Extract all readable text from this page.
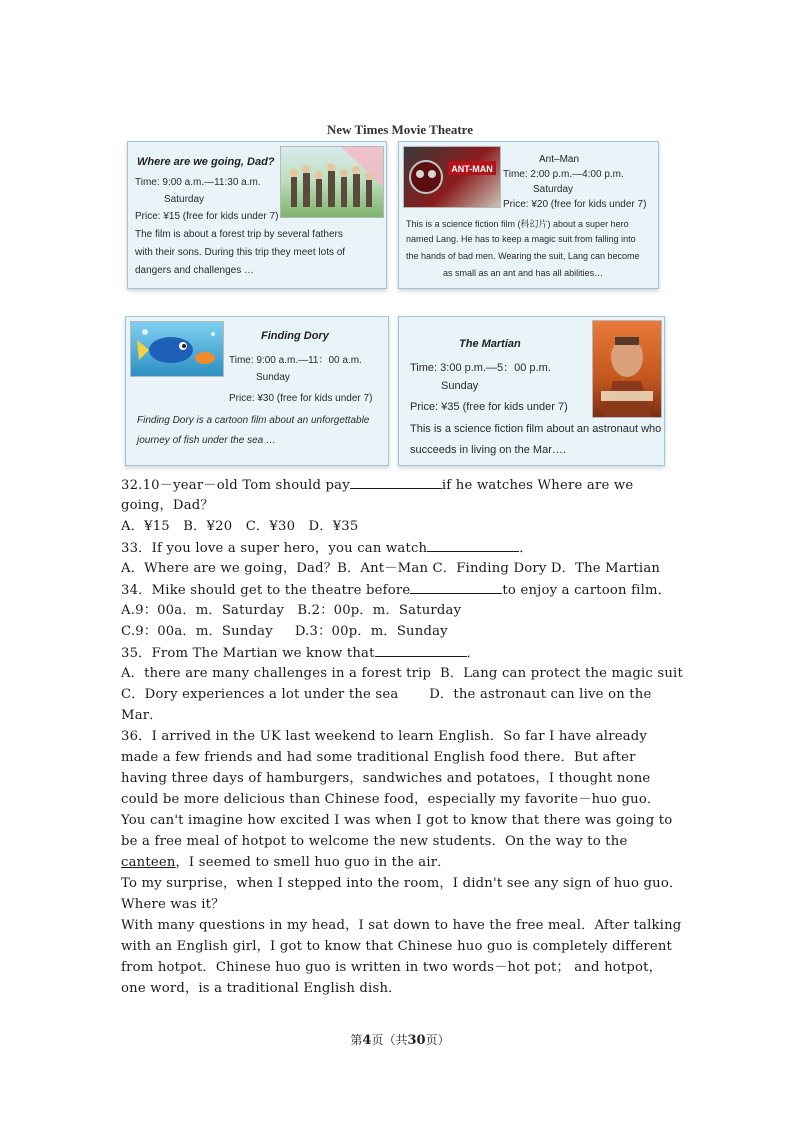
New Times Movie Theatre
Where are we going, Dad?
Time: 9:00 a.m.—11:30 a.m.
Saturday
Price: ¥15 (free for kids under 7)
The film is about a forest trip by several fathers
with their sons. During this trip they meet lots of
dangers and challenges …
Ant–Man
Time: 2:00 p.m.—4:00 p.m.
Saturday
Price: ¥20 (free for kids under 7)
This is a science fiction film (科幻片) about a super hero
named Lang. He has to keep a magic suit from falling into
the hands of bad men. Wearing the suit, Lang can become
as small as an ant and has all abilities…
ANT-MAN
Finding Dory
Time: 9:00 a.m.—11：00 a.m.
Sunday
Price: ¥30 (free for kids under 7)
Finding Dory is a cartoon film about an unforgettable
journey of fish under the sea …
The Martian
Time: 3:00 p.m.—5：00 p.m.
Sunday
Price: ¥35 (free for kids under 7)
This is a science fiction film about an astronaut who
succeeds in living on the Mar….
32.10－year－old Tom should pay	if he watches Where are we
going，Dad？
A．¥15　B．¥20　C．¥30　D．¥35
33．If you love a super hero，you can watch	．
A．Where are we going，Dad？B．Ant－Man C．Finding Dory D．The Martian
34．Mike should get to the theatre before	to enjoy a cartoon film．
A.9：00a．m．Saturday   B.2：00p．m．Saturday
C.9：00a．m．Sunday     D.3：00p．m．Sunday
35．From The Martian we know that	．
A．there are many challenges in a forest trip  B．Lang can protect the magic suit
C．Dory experiences a lot under the sea       D．the astronaut can live on the
Mar．
36．I arrived in the UK last weekend to learn English．So far I have already
made a few friends and had some traditional English food there．But after
having three days of hamburgers，sandwiches and potatoes，I thought none
could be more delicious than Chinese food，especially my favorite－huo guo．
You can't imagine how excited I was when I got to know that there was going to
be a free meal of hotpot to welcome the new students．On the way to the
canteen，I seemed to smell huo guo in the air．
To my surprise，when I stepped into the room，I didn't see any sign of huo guo．
Where was it？
With many questions in my head，I sat down to have the free meal．After talking
with an English girl，I got to know that Chinese huo guo is completely different
from hotpot．Chinese huo guo is written in two words－hot pot； and hotpot，
one word，is a traditional English dish．
第4页（共30页）
